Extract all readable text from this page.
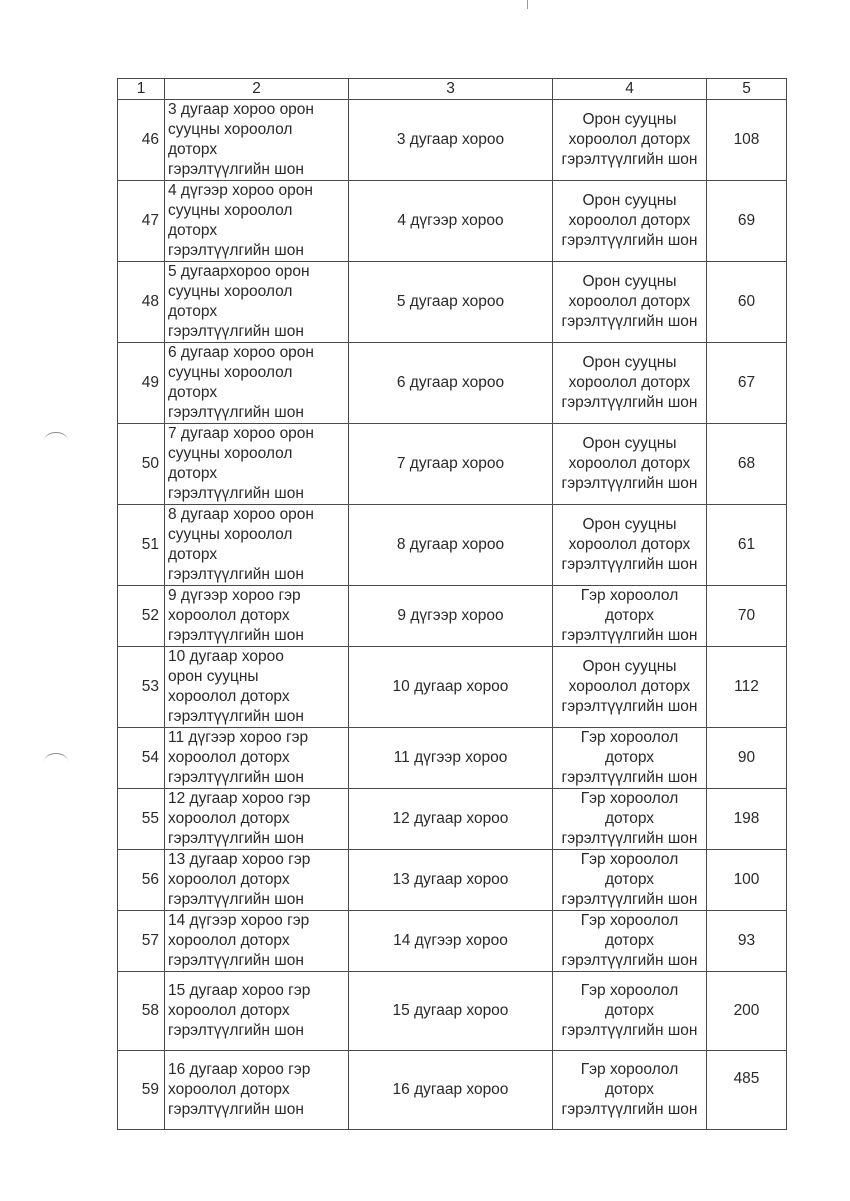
1	2	3	4	5

46	3 дугаар хороо орон
сууцны хороолол
доторх
гэрэлтүүлгийн шон	3 дугаар хороо	Орон сууцны
хороолол доторх
гэрэлтүүлгийн шон	108

47	4 дүгээр хороо орон
сууцны хороолол
доторх
гэрэлтүүлгийн шон	4 дүгээр хороо	Орон сууцны
хороолол доторх
гэрэлтүүлгийн шон	69

48	5 дугаархороо орон
сууцны хороолол
доторх
гэрэлтүүлгийн шон	5 дугаар хороо	Орон сууцны
хороолол доторх
гэрэлтүүлгийн шон	60

49	6 дугаар хороо орон
сууцны хороолол
доторх
гэрэлтүүлгийн шон	6 дугаар хороо	Орон сууцны
хороолол доторх
гэрэлтүүлгийн шон	67

50	7 дугаар хороо орон
сууцны хороолол
доторх
гэрэлтүүлгийн шон	7 дугаар хороо	Орон сууцны
хороолол доторх
гэрэлтүүлгийн шон	68

51	8 дугаар хороо орон
сууцны хороолол
доторх
гэрэлтүүлгийн шон	8 дугаар хороо	Орон сууцны
хороолол доторх
гэрэлтүүлгийн шон	61

52	9 дүгээр хороо гэр
хороолол доторх
гэрэлтүүлгийн шон	9 дүгээр хороо	Гэр хороолол
доторх
гэрэлтүүлгийн шон	70

53	10 дугаар хороо
орон сууцны
хороолол доторх
гэрэлтүүлгийн шон	10 дугаар хороо	Орон сууцны
хороолол доторх
гэрэлтүүлгийн шон	112

54	11 дүгээр хороо гэр
хороолол доторх
гэрэлтүүлгийн шон	11 дүгээр хороо	Гэр хороолол
доторх
гэрэлтүүлгийн шон	90

55	12 дугаар хороо гэр
хороолол доторх
гэрэлтүүлгийн шон	12 дугаар хороо	Гэр хороолол
доторх
гэрэлтүүлгийн шон	198

56	13 дугаар хороо гэр
хороолол доторх
гэрэлтүүлгийн шон	13 дугаар хороо	Гэр хороолол
доторх
гэрэлтүүлгийн шон	100

57	14 дүгээр хороо гэр
хороолол доторх
гэрэлтүүлгийн шон	14 дүгээр хороо	Гэр хороолол
доторх
гэрэлтүүлгийн шон	93

58	15 дугаар хороо гэр
хороолол доторх
гэрэлтүүлгийн шон	15 дугаар хороо	Гэр хороолол
доторх
гэрэлтүүлгийн шон	200

59	16 дугаар хороо гэр
хороолол доторх
гэрэлтүүлгийн шон	16 дугаар хороо	Гэр хороолол
доторх
гэрэлтүүлгийн шон	485
